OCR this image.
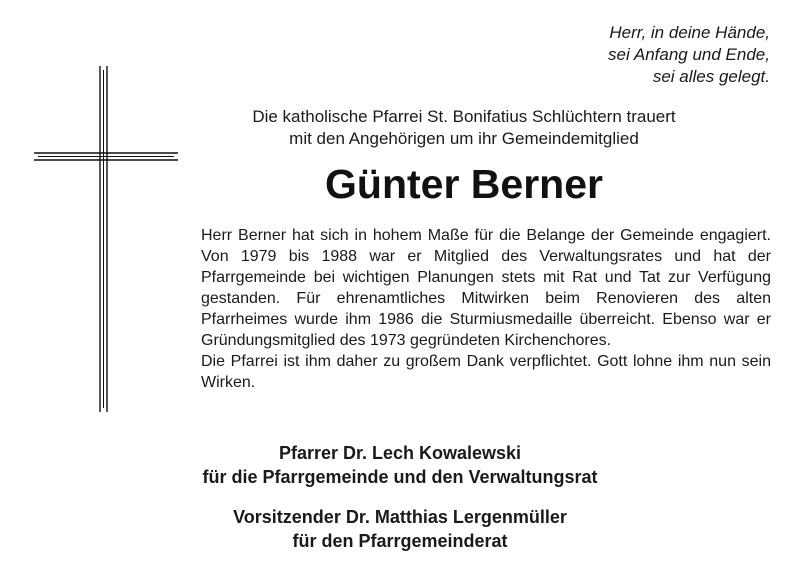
Herr, in deine Hände,
sei Anfang und Ende,
sei alles gelegt.
Die katholische Pfarrei St. Bonifatius Schlüchtern trauert
mit den Angehörigen um ihr Gemeindemitglied
Günter Berner

Herr Berner hat sich in hohem Maße für die Belange der Gemeinde engagiert. Von 1979 bis 1988 war er Mitglied des Verwaltungsrates und hat der Pfarrgemeinde bei wichtigen Planungen stets mit Rat und Tat zur Verfügung gestanden. Für ehrenamtliches Mitwirken beim Renovieren des alten Pfarrheimes wurde ihm 1986 die Sturmiusmedaille überreicht. Ebenso war er Gründungsmitglied des 1973 gegründeten Kirchenchores.

Die Pfarrei ist ihm daher zu großem Dank verpflichtet. Gott lohne ihm nun sein Wirken.

Pfarrer Dr. Lech Kowalewski
für die Pfarrgemeinde und den Verwaltungsrat
Vorsitzender Dr. Matthias Lergenmüller
für den Pfarrgemeinderat
